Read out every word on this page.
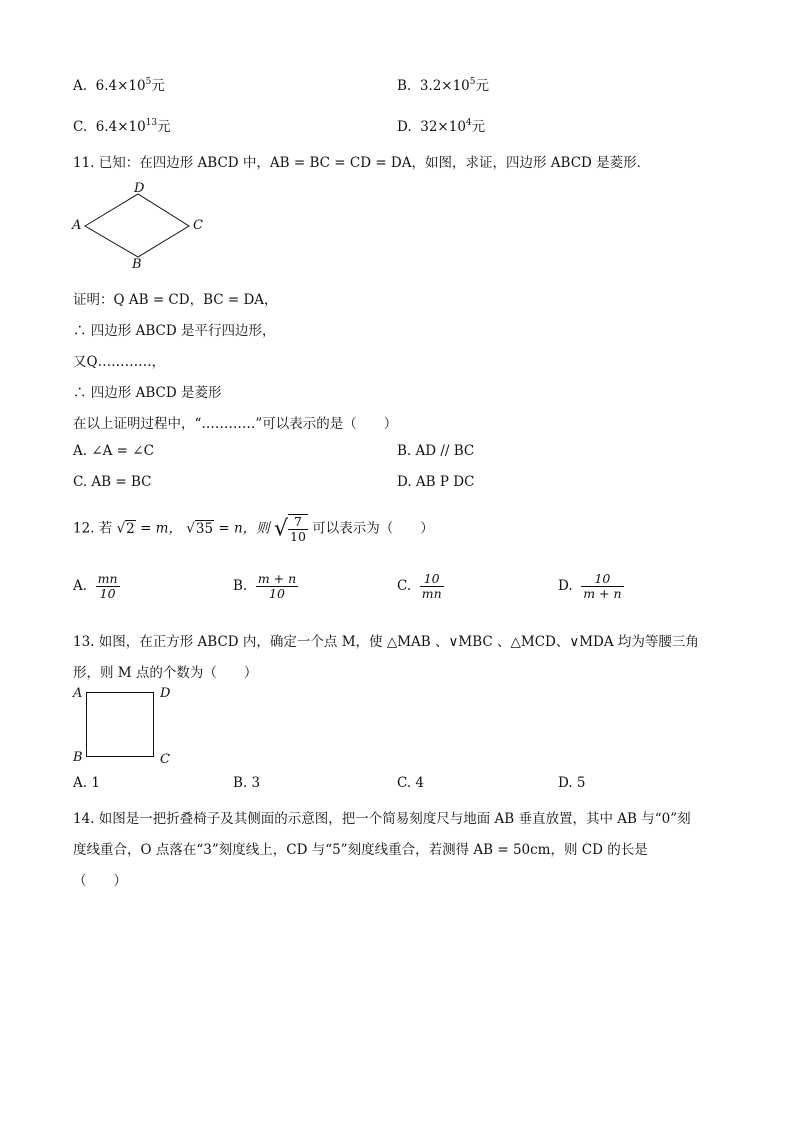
A. $6.4\times 10^5$元	B. $3.2\times 10^5$元
C. $6.4\times 10^{13}$元	D. $32\times 10^4$元
11. 已知：在四边形 ABCD 中，AB = BC = CD = DA，如图，求证，四边形 ABCD 是菱形．
D
A	C
B
证明：Q AB = CD，BC = DA，
∴ 四边形 ABCD 是平行四边形，
又Q…………，
∴ 四边形 ABCD 是菱形
在以上证明过程中，“…………”可以表示的是（　　）
A. ∠A = ∠C	B. AD // BC
C. AB = BC	D. AB P DC
12. 若 √2 = m， √35 = n，则 √ $\frac{7}{10}$ 可以表示为（　　）
A. $\frac{mn}{10}$	B. $\frac{m + n}{10}$	C. $\frac{10}{mn}$	D. $\frac{10}{m + n}$
13. 如图，在正方形 ABCD 内，确定一个点 M，使 △MAB 、∨MBC 、△MCD、∨MDA 均为等腰三角
形，则 M 点的个数为（　　）
A	D
B	C
A. 1	B. 3	C. 4	D. 5
14. 如图是一把折叠椅子及其侧面的示意图，把一个简易刻度尺与地面 AB 垂直放置，其中 AB 与“0”刻
度线重合，O 点落在“3”刻度线上，CD 与“5”刻度线重合，若测得 AB = 50cm，则 CD 的长是
（　　）
